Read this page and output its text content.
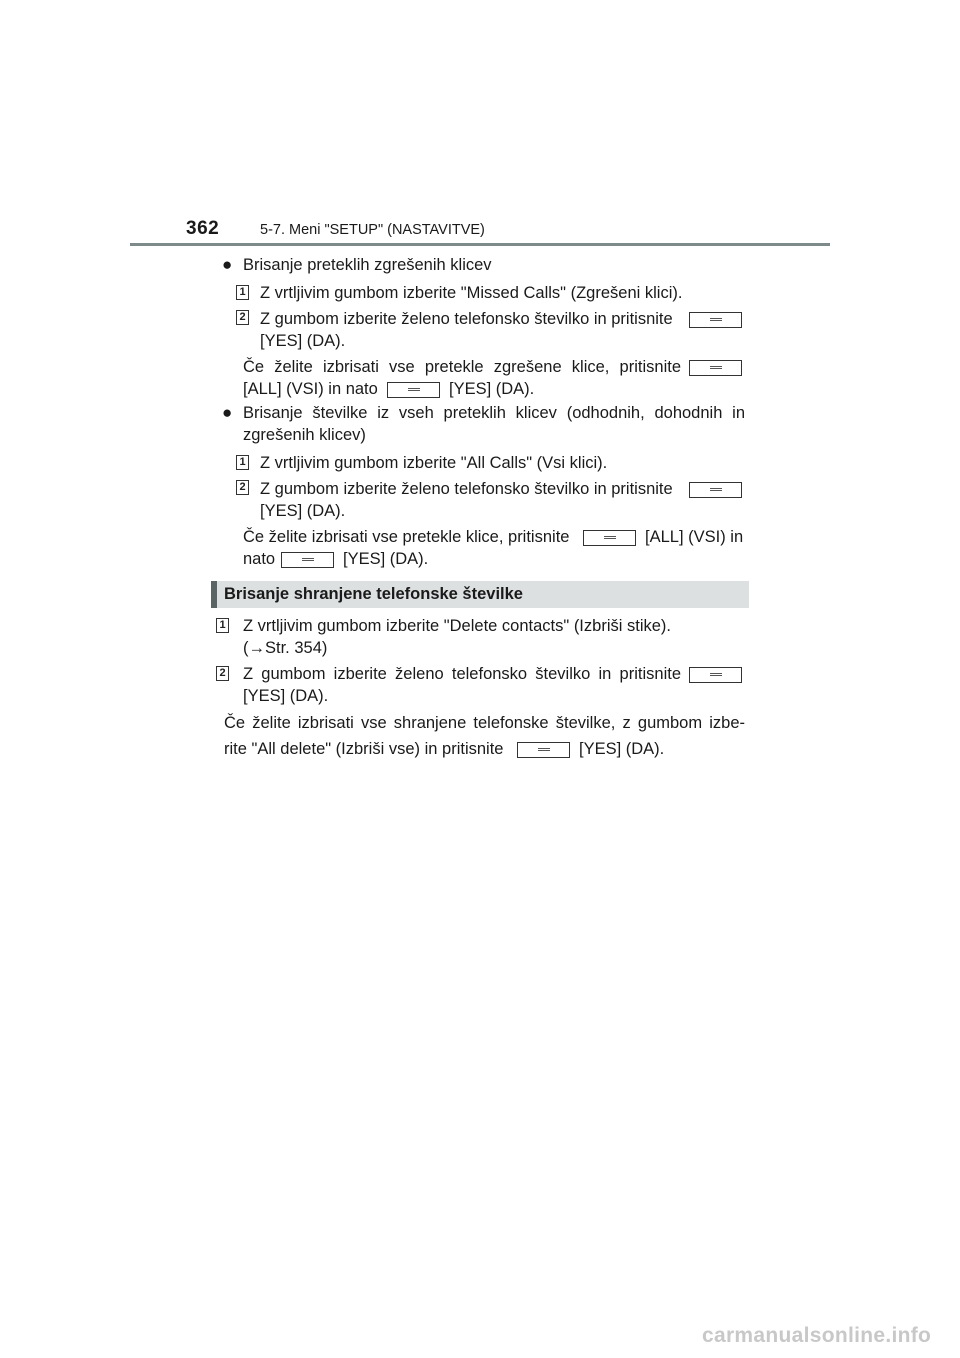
362	5-7. Meni "SETUP" (NASTAVITVE)
● Brisanje preteklih zgrešenih klicev
1 Z vrtljivim gumbom izberite "Missed Calls" (Zgrešeni klici).
2 Z gumbom izberite želeno telefonsko številko in pritisnite
[YES] (DA).
Če želite izbrisati vse pretekle zgrešene klice, pritisnite
[ALL] (VSI) in nato	[YES] (DA).
● Brisanje številke iz vseh preteklih klicev (odhodnih, dohodnih in
zgrešenih klicev)
1 Z vrtljivim gumbom izberite "All Calls" (Vsi klici).
2 Z gumbom izberite želeno telefonsko številko in pritisnite
[YES] (DA).
Če želite izbrisati vse pretekle klice, pritisnite	[ALL] (VSI) in
nato	[YES] (DA).
Brisanje shranjene telefonske številke
1 Z vrtljivim gumbom izberite "Delete contacts" (Izbriši stike).
(→Str. 354)
2 Z gumbom izberite želeno telefonsko številko in pritisnite
[YES] (DA).
Če želite izbrisati vse shranjene telefonske številke, z gumbom izbe-
rite "All delete" (Izbriši vse) in pritisnite	[YES] (DA).
carmanualsonline.info
